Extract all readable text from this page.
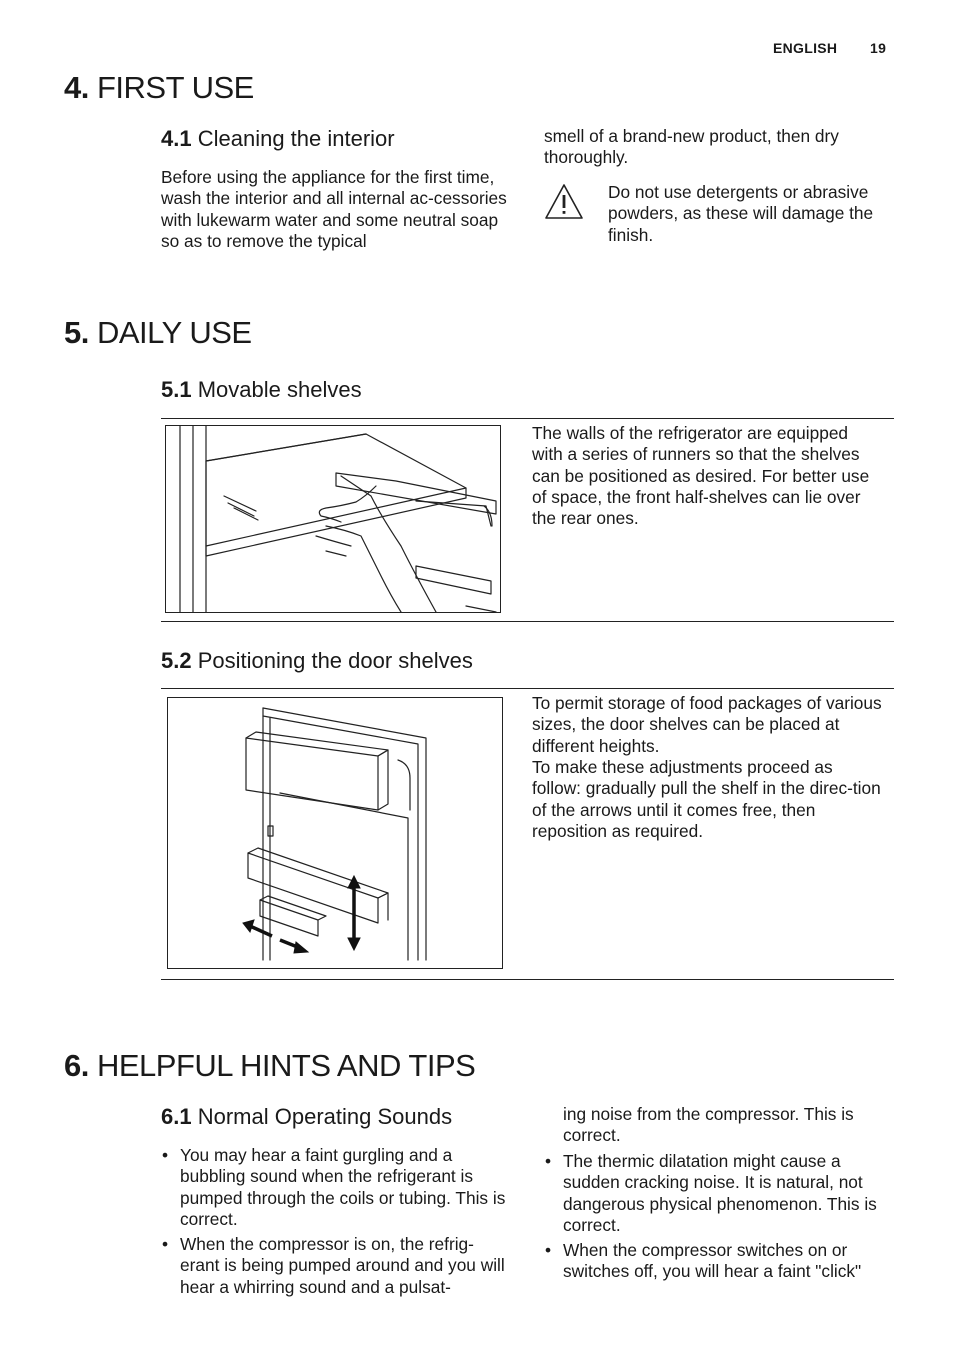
ENGLISH 19
4. FIRST USE
4.1 Cleaning the interior
Before using the appliance for the first time, wash the interior and all internal ac-cessories with lukewarm water and some neutral soap so as to remove the typical
smell of a brand-new product, then dry thoroughly.
Do not use detergents or abrasive powders, as these will damage the finish.
5. DAILY USE
5.1 Movable shelves
The walls of the refrigerator are equipped with a series of runners so that the shelves can be positioned as desired. For better use of space, the front half-shelves can lie over the rear ones.
5.2 Positioning the door shelves
To permit storage of food packages of various sizes, the door shelves can be placed at different heights.
To make these adjustments proceed as follow: gradually pull the shelf in the direc-tion of the arrows until it comes free, then reposition as required.
6. HELPFUL HINTS AND TIPS
6.1 Normal Operating Sounds
• You may hear a faint gurgling and a bubbling sound when the refrigerant is pumped through the coils or tubing. This is correct.
• When the compressor is on, the refrig-erant is being pumped around and you will hear a whirring sound and a pulsat-
ing noise from the compressor. This is correct.
• The thermic dilatation might cause a sudden cracking noise. It is natural, not dangerous physical phenomenon. This is correct.
• When the compressor switches on or switches off, you will hear a faint "click"
